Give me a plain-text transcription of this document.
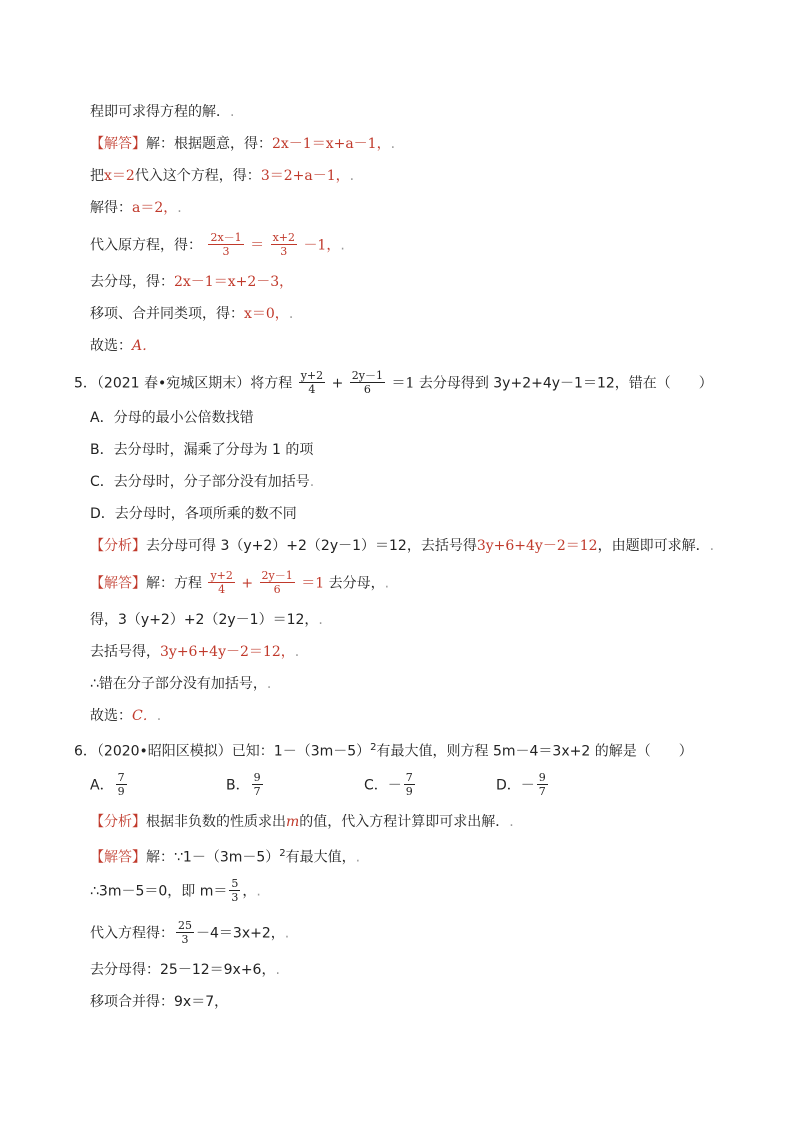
程即可求得方程的解．.
【解答】解：根据题意，得：2x－1＝x+a－1，.
把x＝2代入这个方程，得：3＝2+a－1，.
解得：a＝2，.
代入原方程，得： $\frac{2x-1}{3} = \frac{x+2}{3} -1$，.
去分母，得：2x－1＝x+2－3，
移项、合并同类项，得：x＝0，.
故选：A．
5．（2021 春•宛城区期末）将方程 $\frac{y+2}{4} + \frac{2y-1}{6} =1$ 去分母得到 3y+2+4y－1＝12，错在（　　）
A．分母的最小公倍数找错
B．去分母时，漏乘了分母为 1 的项
C．去分母时，分子部分没有加括号.
D．去分母时，各项所乘的数不同
【分析】去分母可得 3（y+2）+2（2y－1）＝12，去括号得3y+6+4y－2＝12，由题即可求解．.
【解答】解：方程 $\frac{y+2}{4} + \frac{2y-1}{6} =1$ 去分母，.
得，3（y+2）+2（2y－1）＝12，.
去括号得，3y+6+4y－2＝12，.
∴错在分子部分没有加括号，.
故选：C．.
6．（2020•昭阳区模拟）已知：$1-(3m-5)^2$有最大值，则方程 5m－4＝3x+2 的解是（　　）
A． $\frac{7}{9}$	B． $\frac{9}{7}$	C．－ $\frac{7}{9}$	D．－ $\frac{9}{7}$
【分析】根据非负数的性质求出m的值，代入方程计算即可求出解．.
【解答】解：$\because 1-(3m-5)^2$有最大值，.
∴3m－5＝0，即 $m= \frac{5}{3}$ ，.
代入方程得： $\frac{25}{3} -4=3x+2$，.
去分母得：25－12＝9x+6，.
移项合并得：9x＝7，
